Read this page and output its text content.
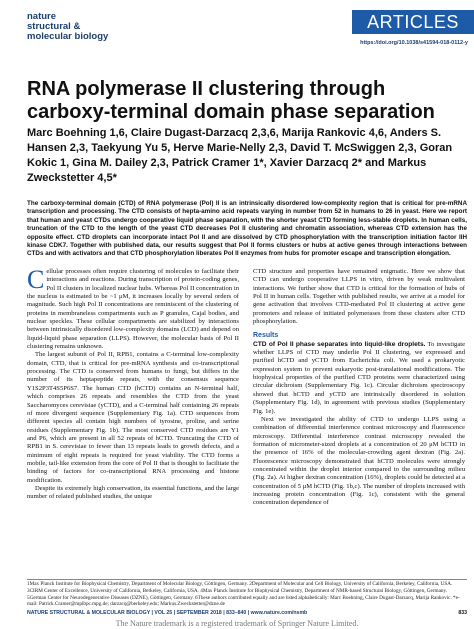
nature
structural &
molecular biology
ARTICLES
https://doi.org/10.1038/s41594-018-0112-y
RNA polymerase II clustering through carboxy-terminal domain phase separation
Marc Boehning 1,6, Claire Dugast-Darzacq 2,3,6, Marija Rankovic 4,6, Anders S. Hansen 2,3, Taekyung Yu 5, Herve Marie-Nelly 2,3, David T. McSwiggen 2,3, Goran Kokic 1, Gina M. Dailey 2,3, Patrick Cramer 1*, Xavier Darzacq 2* and Markus Zweckstetter 4,5*
The carboxy-terminal domain (CTD) of RNA polymerase (Pol) II is an intrinsically disordered low-complexity region that is critical for pre-mRNA transcription and processing. The CTD consists of hepta-amino acid repeats varying in number from 52 in humans to 26 in yeast. Here we report that human and yeast CTDs undergo cooperative liquid phase separation, with the shorter yeast CTD forming less-stable droplets. In human cells, truncation of the CTD to the length of the yeast CTD decreases Pol II clustering and chromatin association, whereas CTD extension has the opposite effect. CTD droplets can incorporate intact Pol II and are dissolved by CTD phosphorylation with the transcription initiation factor IIH kinase CDK7. Together with published data, our results suggest that Pol II forms clusters or hubs at active genes through interactions between CTDs and with activators and that CTD phosphorylation liberates Pol II enzymes from hubs for promoter escape and transcription elongation.

Cellular processes often require clustering of molecules to facilitate their interactions and reactions. During transcription of protein-coding genes, Pol II clusters in localized nuclear hubs. Whereas Pol II concentration in the nucleus is estimated to be ~1 μM, it increases locally by several orders of magnitude. Such high Pol II concentrations are reminiscent of the clustering of proteins in membraneless compartments such as P granules, Cajal bodies, and nuclear speckles. These cellular compartments are stabilized by interactions between intrinsically disordered low-complexity domains (LCD) and depend on liquid-liquid phase separation (LLPS). However, the molecular basis of Pol II clustering remains unknown.

The largest subunit of Pol II, RPB1, contains a C-terminal low-complexity domain, CTD, that is critical for pre-mRNA synthesis and co-transcriptional processing. The CTD is conserved from humans to fungi, but differs in the number of its heptapeptide repeats, with the consensus sequence Y1S2P3T4S5P6S7. The human CTD (hCTD) contains an N-terminal half, which comprises 26 repeats and resembles the CTD from the yeast Saccharomyces cerevisiae (yCTD), and a C-terminal half containing 26 repeats of more divergent sequence (Supplementary Fig. 1a). CTD sequences from different species all contain high numbers of tyrosine, proline, and serine residues (Supplementary Fig. 1b). The most conserved CTD residues are Y1 and P6, which are present in all 52 repeats of hCTD. Truncating the CTD of RPB1 in S. cerevisiae to fewer than 13 repeats leads to growth defects, and a minimum of eight repeats is required for yeast viability. The CTD forms a mobile, tail-like extension from the core of Pol II that is thought to facilitate the binding of factors for co-transcriptional RNA processing and histone modification.

Despite its extremely high conservation, its essential functions, and the large number of related published studies, the unique

CTD structure and properties have remained enigmatic. Here we show that CTD can undergo cooperative LLPS in vitro, driven by weak multivalent interactions. We further show that CTD is critical for the formation of hubs of Pol II in human cells. Together with published results, we arrive at a model for gene activation that involves CTD-mediated Pol II clustering at active gene promoters and release of initiated polymerases from these clusters after CTD phosphorylation.

Results

CTD of Pol II phase separates into liquid-like droplets. To investigate whether LLPS of CTD may underlie Pol II clustering, we expressed and purified hCTD and yCTD from Escherichia coli. We used a prokaryotic expression system to prevent eukaryotic post-translational modifications. The biophysical properties of the purified CTD proteins were characterized using circular dichroism (Supplementary Fig. 1c). Circular dichroism spectroscopy showed that hCTD and yCTD are intrinsically disordered in solution (Supplementary Fig. 1d), in agreement with previous studies (Supplementary Fig. 1e).

Next we investigated the ability of CTD to undergo LLPS using a combination of differential interference contrast microscopy and fluorescence microscopy. Differential interference contrast microscopy revealed the formation of micrometer-sized droplets at a concentration of 20 μM hCTD in the presence of 16% of the molecular-crowding agent dextran (Fig. 2a). Fluorescence microscopy demonstrated that hCTD molecules were strongly concentrated within the droplet interior compared to the surrounding milieu (Fig. 2a). At higher dextran concentration (16%), droplets could be detected at a concentration of 5 μM hCTD (Fig. 1b,c). The number of droplets increased with increasing protein concentration (Fig. 1c), consistent with the general concentration dependence of

1Max Planck Institute for Biophysical Chemistry, Department of Molecular Biology, Göttingen, Germany. 2Department of Molecular and Cell Biology, University of California, Berkeley, California, USA. 3CIRM Center of Excellence, University of California, Berkeley, California, USA. 4Max Planck Institute for Biophysical Chemistry, Department of NMR-based Structural Biology, Göttingen, Germany. 5German Center for Neurodegenerative Diseases (DZNE), Göttingen, Germany. 6These authors contributed equally and are listed alphabetically: Marc Boehning, Claire Dugast-Darzacq, Marija Rankovic. *e-mail: Patrick.Cramer@mpibpc.mpg.de; darzacq@berkeley.edu; Markus.Zweckstetter@dzne.de
NATURE STRUCTURAL & MOLECULAR BIOLOGY | VOL 25 | SEPTEMBER 2018 | 833–840 | www.nature.com/nsmb	833
The Nature trademark is a registered trademark of Springer Nature Limited.
